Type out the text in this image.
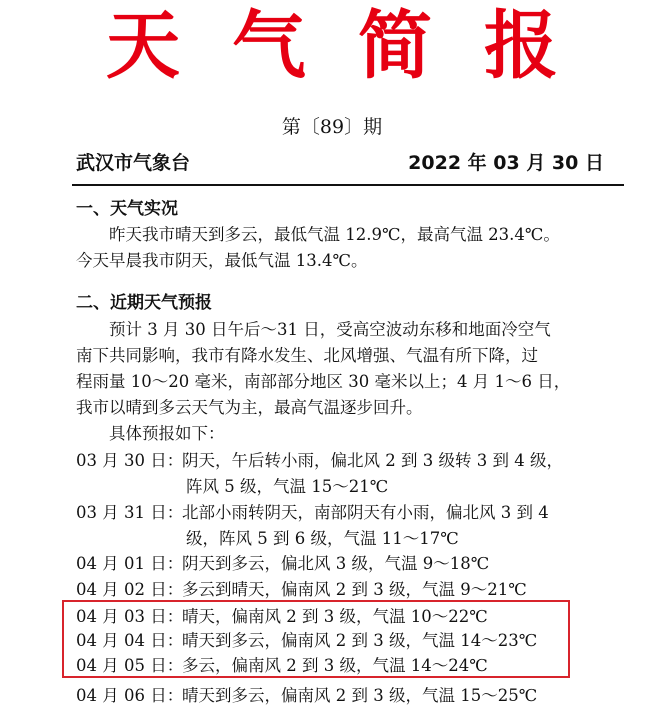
天气简报
第〔89〕期
武汉市气象台	2022 年 03 月 30 日
一、天气实况
　　昨天我市晴天到多云，最低气温 12.9℃，最高气温 23.4℃。
今天早晨我市阴天，最低气温 13.4℃。
二、近期天气预报
　　预计 3 月 30 日午后～31 日，受高空波动东移和地面冷空气
南下共同影响，我市有降水发生、北风增强、气温有所下降，过
程雨量 10～20 毫米，南部部分地区 30 毫米以上；4 月 1～6 日，
我市以晴到多云天气为主，最高气温逐步回升。
　　具体预报如下：
03 月 30 日：阴天，午后转小雨，偏北风 2 到 3 级转 3 到 4 级，
阵风 5 级，气温 15～21℃
03 月 31 日：北部小雨转阴天，南部阴天有小雨，偏北风 3 到 4
级，阵风 5 到 6 级，气温 11～17℃
04 月 01 日：阴天到多云，偏北风 3 级，气温 9～18℃
04 月 02 日：多云到晴天，偏南风 2 到 3 级，气温 9～21℃
04 月 03 日：晴天，偏南风 2 到 3 级，气温 10～22℃
04 月 04 日：晴天到多云，偏南风 2 到 3 级，气温 14～23℃
04 月 05 日：多云，偏南风 2 到 3 级，气温 14～24℃
04 月 06 日：晴天到多云，偏南风 2 到 3 级，气温 15～25℃
